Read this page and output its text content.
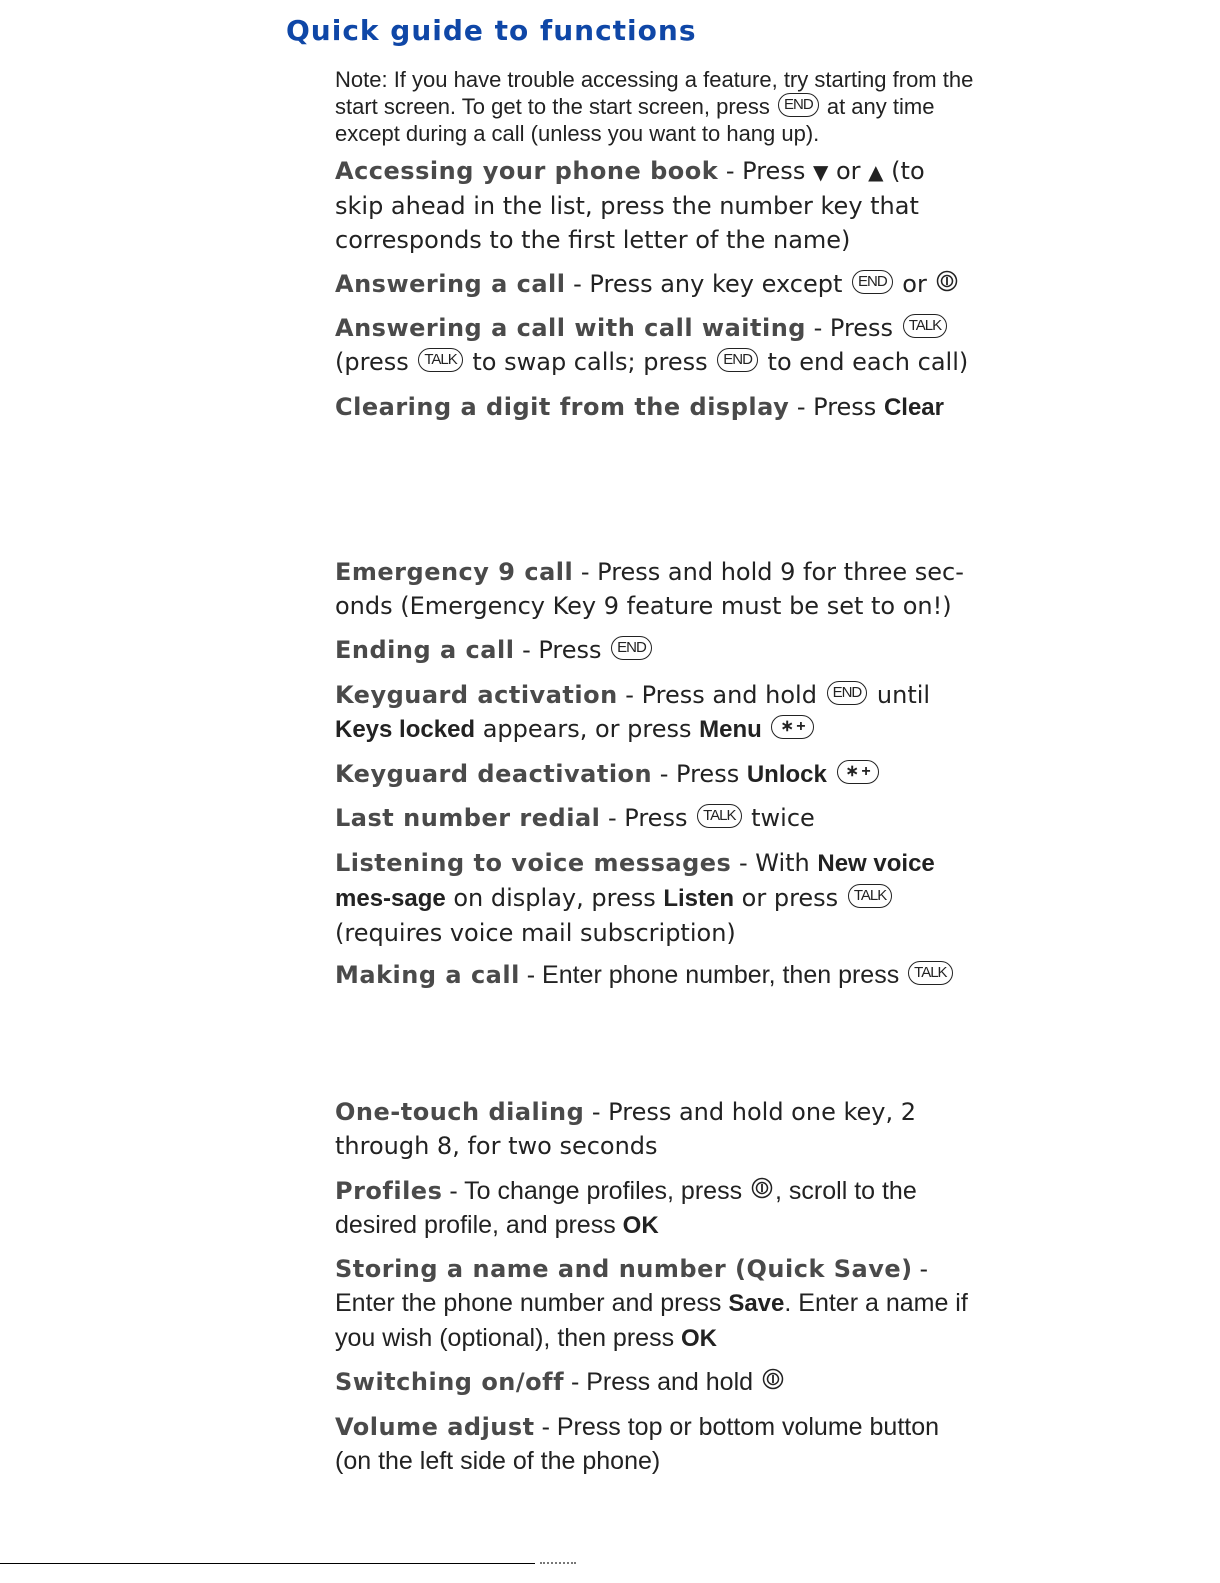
Quick guide to functions
Note: If you have trouble accessing a feature, try starting from the start screen. To get to the start screen, press END at any time except during a call (unless you want to hang up).
Accessing your phone book - Press ▼ or ▲ (to skip ahead in the list, press the number key that corresponds to the first letter of the name)
Answering a call - Press any key except END or
Answering a call with call waiting - Press TALK (press TALK to swap calls; press END to end each call)
Clearing a digit from the display - Press Clear
Emergency 9 call - Press and hold 9 for three sec-onds (Emergency Key 9 feature must be set to on!)
Ending a call - Press END
Keyguard activation - Press and hold END until Keys locked appears, or press Menu ∗ +
Keyguard deactivation - Press Unlock ∗ +
Last number redial - Press TALK twice
Listening to voice messages - With New voice mes-sage on display, press Listen or press TALK (requires voice mail subscription)
Making a call - Enter phone number, then press TALK
One-touch dialing - Press and hold one key, 2 through 8, for two seconds
Profiles - To change profiles, press , scroll to the desired profile, and press OK
Storing a name and number (Quick Save) - Enter the phone number and press Save. Enter a name if you wish (optional), then press OK
Switching on/off - Press and hold
Volume adjust - Press top or bottom volume button (on the left side of the phone)
